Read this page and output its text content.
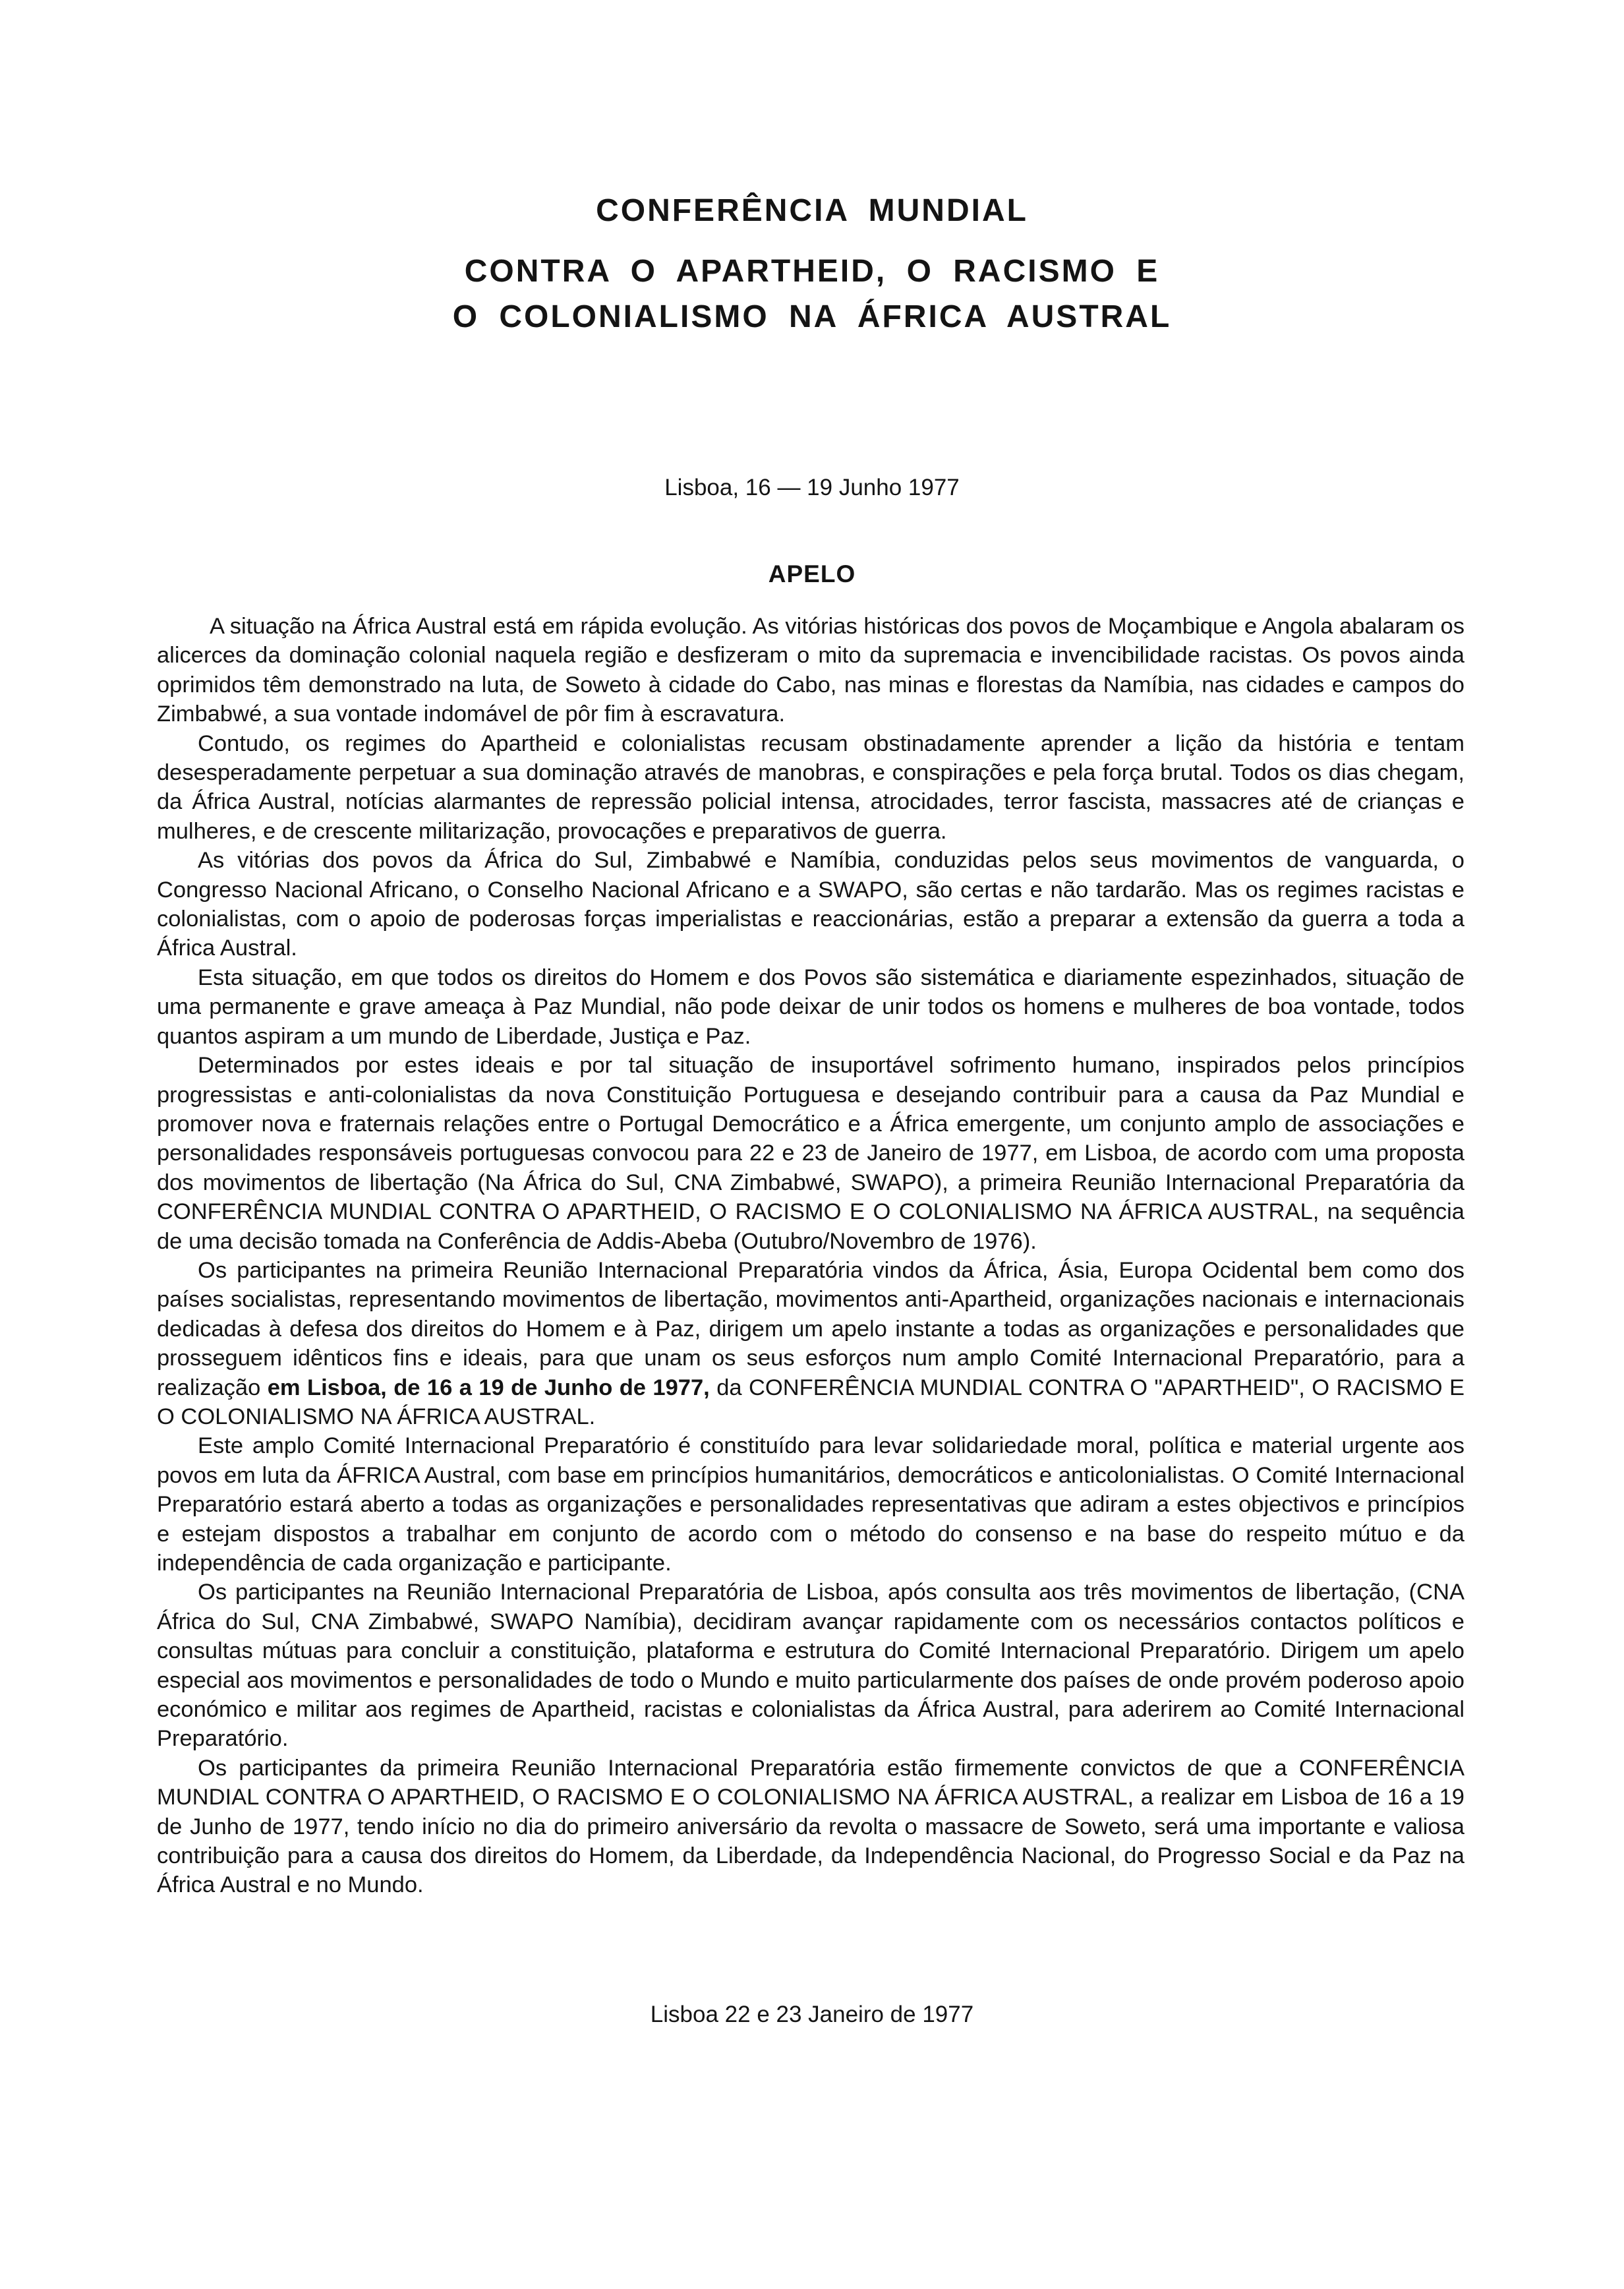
CONFERÊNCIA MUNDIAL
CONTRA O APARTHEID, O RACISMO E
O COLONIALISMO NA ÁFRICA AUSTRAL

Lisboa, 16 — 19 Junho 1977

APELO

A situação na África Austral está em rápida evolução. As vitórias históricas dos povos de Moçambique e Angola abalaram os alicerces da dominação colonial naquela região e desfizeram o mito da supremacia e invencibilidade racistas. Os povos ainda oprimidos têm demonstrado na luta, de Soweto à cidade do Cabo, nas minas e florestas da Namíbia, nas cidades e campos do Zimbabwé, a sua vontade indomável de pôr fim à escravatura.

Contudo, os regimes do Apartheid e colonialistas recusam obstinadamente aprender a lição da história e tentam desesperadamente perpetuar a sua dominação através de manobras, e conspirações e pela força brutal. Todos os dias chegam, da África Austral, notícias alarmantes de repressão policial intensa, atrocidades, terror fascista, massacres até de crianças e mulheres, e de crescente militarização, provocações e preparativos de guerra.

As vitórias dos povos da África do Sul, Zimbabwé e Namíbia, conduzidas pelos seus movimentos de vanguarda, o Congresso Nacional Africano, o Conselho Nacional Africano e a SWAPO, são certas e não tardarão. Mas os regimes racistas e colonialistas, com o apoio de poderosas forças imperialistas e reaccionárias, estão a preparar a extensão da guerra a toda a África Austral.

Esta situação, em que todos os direitos do Homem e dos Povos são sistemática e diariamente espezinhados, situação de uma permanente e grave ameaça à Paz Mundial, não pode deixar de unir todos os homens e mulheres de boa vontade, todos quantos aspiram a um mundo de Liberdade, Justiça e Paz.

Determinados por estes ideais e por tal situação de insuportável sofrimento humano, inspirados pelos princípios progressistas e anti-colonialistas da nova Constituição Portuguesa e desejando contribuir para a causa da Paz Mundial e promover nova e fraternais relações entre o Portugal Democrático e a África emergente, um conjunto amplo de associações e personalidades responsáveis portuguesas convocou para 22 e 23 de Janeiro de 1977, em Lisboa, de acordo com uma proposta dos movimentos de libertação (Na África do Sul, CNA Zimbabwé, SWAPO), a primeira Reunião Internacional Preparatória da CONFERÊNCIA MUNDIAL CONTRA O APARTHEID, O RACISMO E O COLONIALISMO NA ÁFRICA AUSTRAL, na sequência de uma decisão tomada na Conferência de Addis-Abeba (Outubro/Novembro de 1976).

Os participantes na primeira Reunião Internacional Preparatória vindos da África, Ásia, Europa Ocidental bem como dos países socialistas, representando movimentos de libertação, movimentos anti-Apartheid, organizações nacionais e internacionais dedicadas à defesa dos direitos do Homem e à Paz, dirigem um apelo instante a todas as organizações e personalidades que prosseguem idênticos fins e ideais, para que unam os seus esforços num amplo Comité Internacional Preparatório, para a realização em Lisboa, de 16 a 19 de Junho de 1977, da CONFERÊNCIA MUNDIAL CONTRA O "APARTHEID", O RACISMO E O COLONIALISMO NA ÁFRICA AUSTRAL.

Este amplo Comité Internacional Preparatório é constituído para levar solidariedade moral, política e material urgente aos povos em luta da ÁFRICA Austral, com base em princípios humanitários, democráticos e anticolonialistas. O Comité Internacional Preparatório estará aberto a todas as organizações e personalidades representativas que adiram a estes objectivos e princípios e estejam dispostos a trabalhar em conjunto de acordo com o método do consenso e na base do respeito mútuo e da independência de cada organização e participante.

Os participantes na Reunião Internacional Preparatória de Lisboa, após consulta aos três movimentos de libertação, (CNA África do Sul, CNA Zimbabwé, SWAPO Namíbia), decidiram avançar rapidamente com os necessários contactos políticos e consultas mútuas para concluir a constituição, plataforma e estrutura do Comité Internacional Preparatório. Dirigem um apelo especial aos movimentos e personalidades de todo o Mundo e muito particularmente dos países de onde provém poderoso apoio económico e militar aos regimes de Apartheid, racistas e colonialistas da África Austral, para aderirem ao Comité Internacional Preparatório.

Os participantes da primeira Reunião Internacional Preparatória estão firmemente convictos de que a CONFERÊNCIA MUNDIAL CONTRA O APARTHEID, O RACISMO E O COLONIALISMO NA ÁFRICA AUSTRAL, a realizar em Lisboa de 16 a 19 de Junho de 1977, tendo início no dia do primeiro aniversário da revolta o massacre de Soweto, será uma importante e valiosa contribuição para a causa dos direitos do Homem, da Liberdade, da Independência Nacional, do Progresso Social e da Paz na África Austral e no Mundo.

Lisboa 22 e 23 Janeiro de 1977
